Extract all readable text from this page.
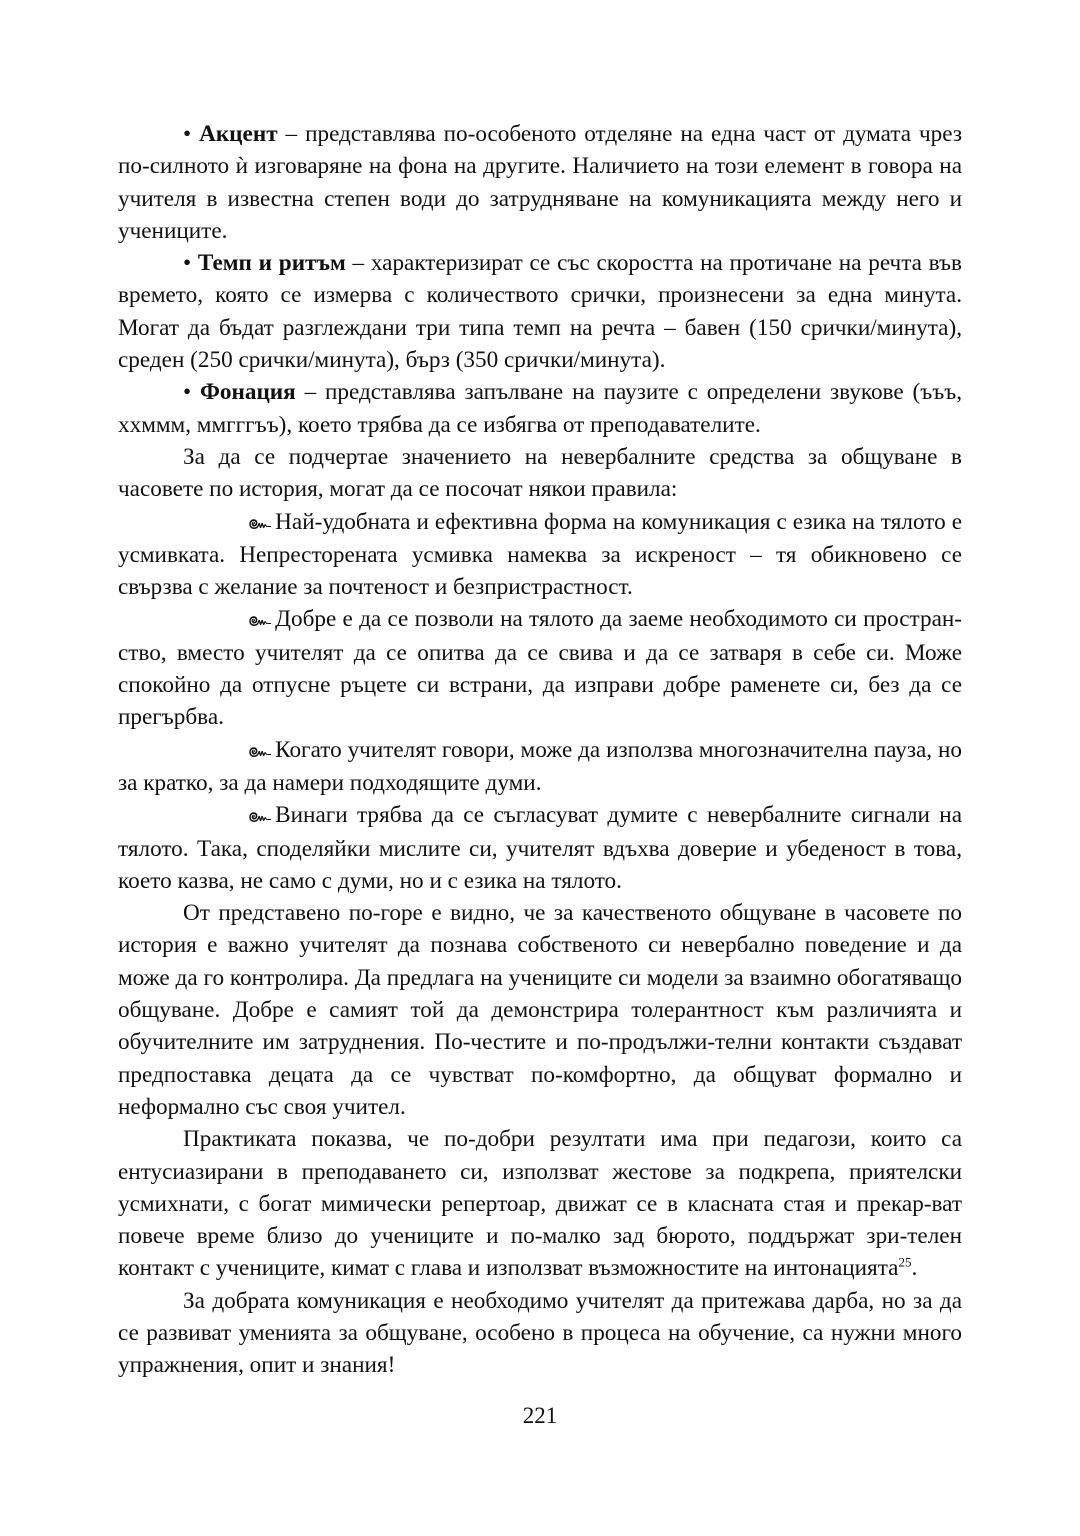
• Акцент – представлява по-особеното отделяне на една част от думата чрез по-силното ѝ изговаряне на фона на другите. Наличието на този елемент в говора на учителя в известна степен води до затрудняване на комуникацията между него и учениците.

• Темп и ритъм – характеризират се със скоростта на протичане на речта във времето, която се измерва с количеството срички, произнесени за една минута. Могат да бъдат разглеждани три типа темп на речта – бавен (150 срички/минута), среден (250 срички/минута), бърз (350 срички/минута).

• Фонация – представлява запълване на паузите с определени звукове (ъъъ, ххммм, ммгггъъ), което трябва да се избягва от преподавателите.

За да се подчертае значението на невербалните средства за общуване в часовете по история, могат да се посочат някои правила:

๛ Най-удобната и ефективна форма на комуникация с езика на тялото е усмивката. Непресторената усмивка намеква за искреност – тя обикновено се свързва с желание за почтеност и безпристрастност.

๛ Добре е да се позволи на тялото да заеме необходимото си простран-ство, вместо учителят да се опитва да се свива и да се затваря в себе си. Може спокойно да отпусне ръцете си встрани, да изправи добре раменете си, без да се прегърбва.

๛ Когато учителят говори, може да използва многозначителна пауза, но за кратко, за да намери подходящите думи.

๛ Винаги трябва да се съгласуват думите с невербалните сигнали на тялото. Така, споделяйки мислите си, учителят вдъхва доверие и убеденост в това, което казва, не само с думи, но и с езика на тялото.

От представено по-горе е видно, че за качественото общуване в часовете по история е важно учителят да познава собственото си невербално поведение и да може да го контролира. Да предлага на учениците си модели за взаимно обогатяващо общуване. Добре е самият той да демонстрира толерантност към различията и обучителните им затруднения. По-честите и по-продължи-телни контакти създават предпоставка децата да се чувстват по-комфортно, да общуват формално и неформално със своя учител.

Практиката показва, че по-добри резултати има при педагози, които са ентусиазирани в преподаването си, използват жестове за подкрепа, приятелски усмихнати, с богат мимически репертоар, движат се в класната стая и прекар-ват повече време близо до учениците и по-малко зад бюрото, поддържат зри-телен контакт с учениците, кимат с глава и използват възможностите на интонацията$^{25}$.

За добрата комуникация е необходимо учителят да притежава дарба, но за да се развиват уменията за общуване, особено в процеса на обучение, са нужни много упражнения, опит и знания!

221
